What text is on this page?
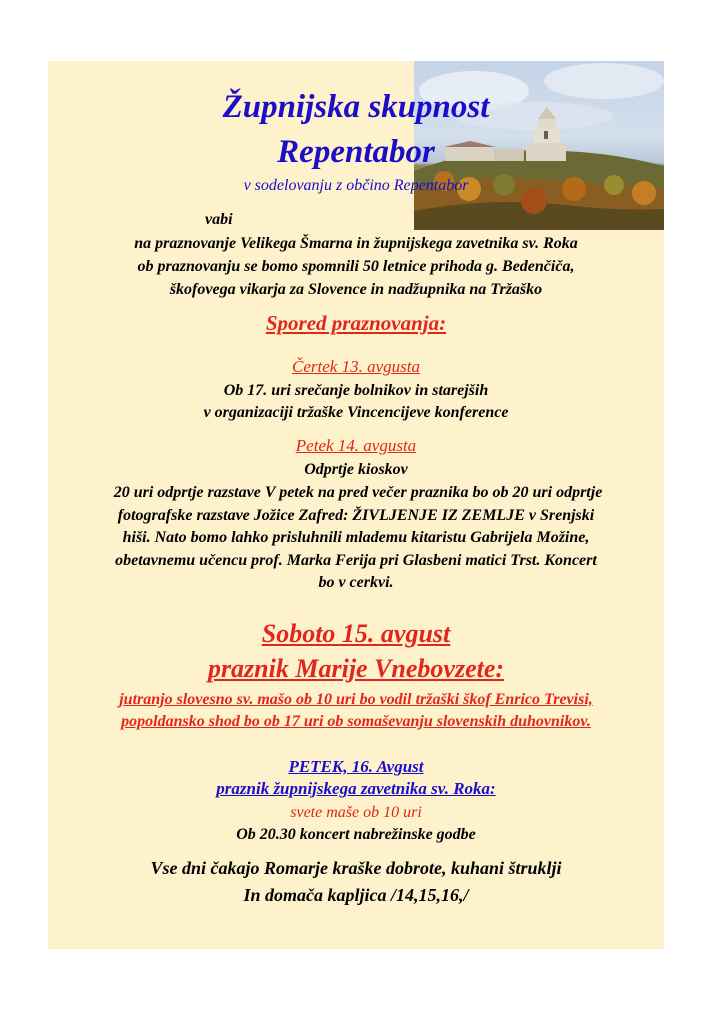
Župnijska skupnost
Repentabor
v sodelovanju z občino Repentabor
vabi
na praznovanje Velikega Šmarna in župnijskega zavetnika sv. Roka
ob praznovanju se bomo spomnili 50 letnice prihoda g. Bedenčiča,
škofovega vikarja za Slovence in nadžupnika na Tržaško
Spored praznovanja:
Čertek 13. avgusta
Ob 17. uri srečanje bolnikov in starejših
v organizaciji tržaške Vincencijeve konference
Petek 14. avgusta
Odprtje kioskov
20 uri odprtje razstave V petek na pred večer praznika bo ob 20 uri odprtje
fotografske razstave Jožice Zafred: ŽIVLJENJE IZ ZEMLJE v Srenjski
hiši. Nato bomo lahko prisluhnili mlademu kitaristu Gabrijela Možine,
obetavnemu učencu prof. Marka Ferija pri Glasbeni matici Trst. Koncert
bo v cerkvi.
Soboto 15. avgust
praznik Marije Vnebovzete:
jutranjo slovesno sv. mašo ob 10 uri bo vodil tržaški škof Enrico Trevisi,
popoldansko shod bo ob 17 uri ob somaševanju slovenskih duhovnikov.
PETEK, 16. Avgust
praznik župnijskega zavetnika sv. Roka:
svete maše ob 10 uri
Ob 20.30 koncert nabrežinske godbe
Vse dni čakajo Romarje kraške dobrote, kuhani štruklji
In domača kapljica /14,15,16,/
